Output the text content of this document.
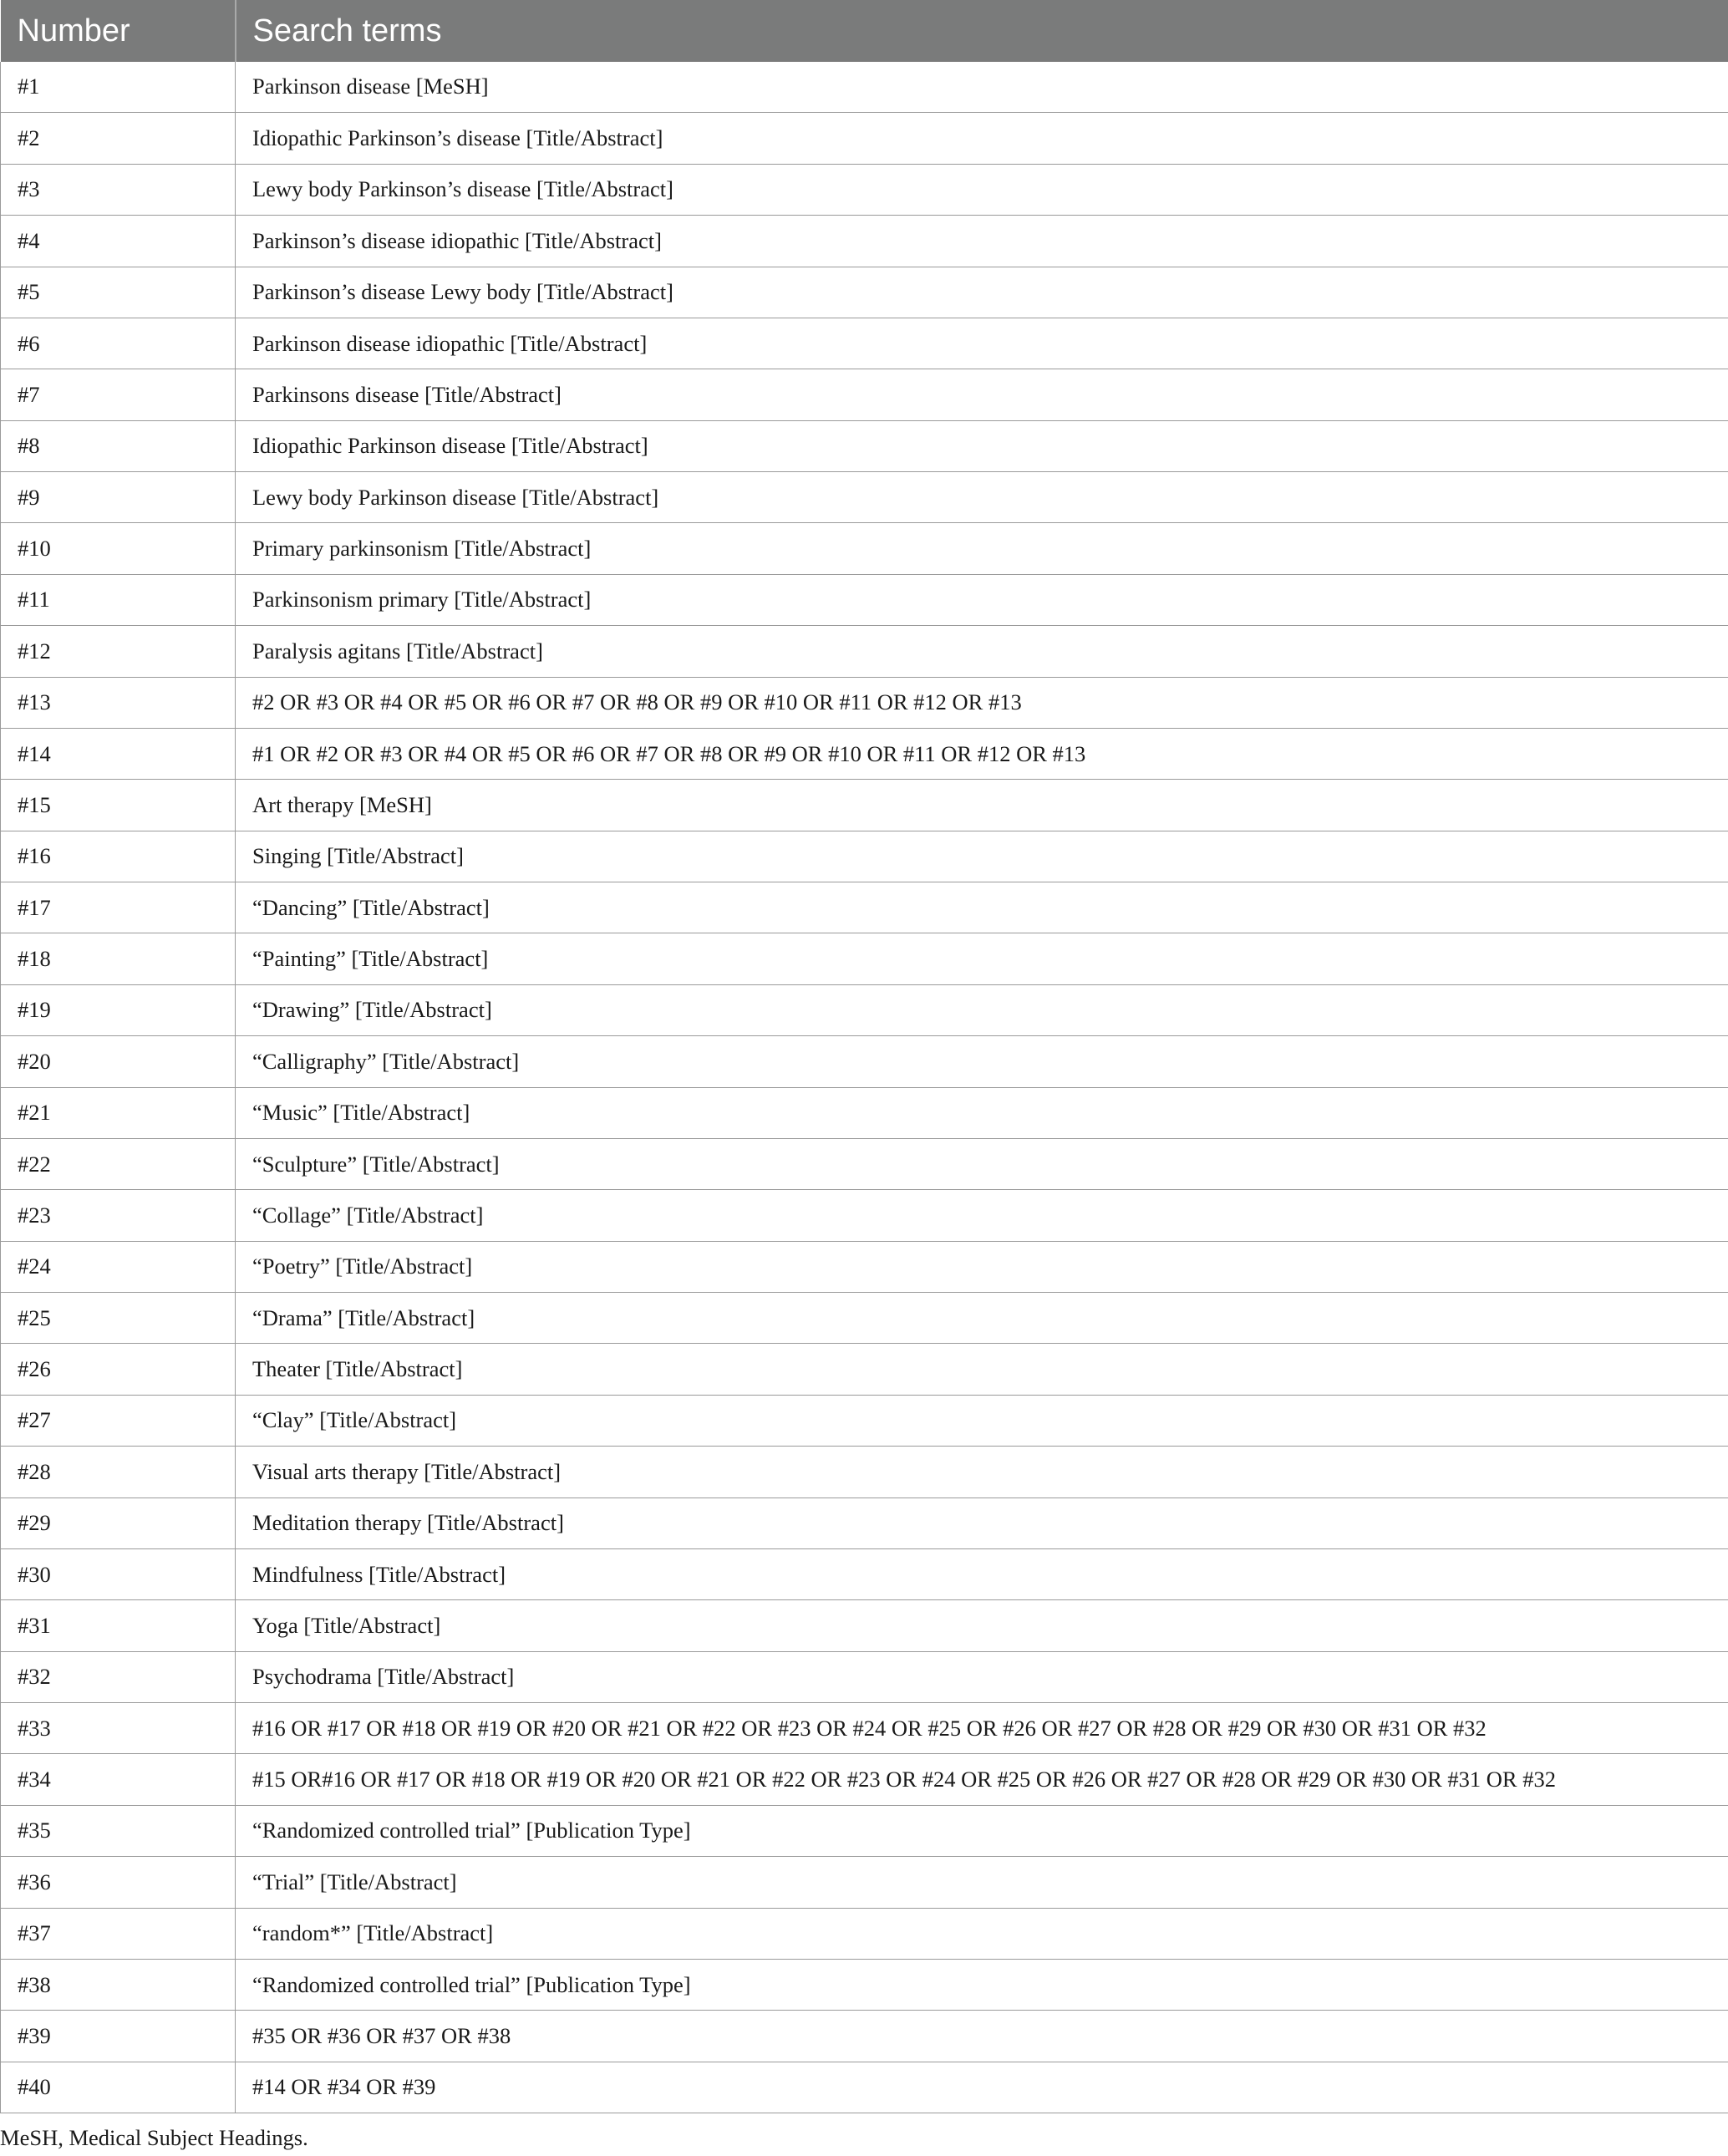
Number	Search terms
#1	Parkinson disease [MeSH]
#2	Idiopathic Parkinson’s disease [Title/Abstract]
#3	Lewy body Parkinson’s disease [Title/Abstract]
#4	Parkinson’s disease idiopathic [Title/Abstract]
#5	Parkinson’s disease Lewy body [Title/Abstract]
#6	Parkinson disease idiopathic [Title/Abstract]
#7	Parkinsons disease [Title/Abstract]
#8	Idiopathic Parkinson disease [Title/Abstract]
#9	Lewy body Parkinson disease [Title/Abstract]
#10	Primary parkinsonism [Title/Abstract]
#11	Parkinsonism primary [Title/Abstract]
#12	Paralysis agitans [Title/Abstract]
#13	#2 OR #3 OR #4 OR #5 OR #6 OR #7 OR #8 OR #9 OR #10 OR #11 OR #12 OR #13
#14	#1 OR #2 OR #3 OR #4 OR #5 OR #6 OR #7 OR #8 OR #9 OR #10 OR #11 OR #12 OR #13
#15	Art therapy [MeSH]
#16	Singing [Title/Abstract]
#17	“Dancing” [Title/Abstract]
#18	“Painting” [Title/Abstract]
#19	“Drawing” [Title/Abstract]
#20	“Calligraphy” [Title/Abstract]
#21	“Music” [Title/Abstract]
#22	“Sculpture” [Title/Abstract]
#23	“Collage” [Title/Abstract]
#24	“Poetry” [Title/Abstract]
#25	“Drama” [Title/Abstract]
#26	Theater [Title/Abstract]
#27	“Clay” [Title/Abstract]
#28	Visual arts therapy [Title/Abstract]
#29	Meditation therapy [Title/Abstract]
#30	Mindfulness [Title/Abstract]
#31	Yoga [Title/Abstract]
#32	Psychodrama [Title/Abstract]
#33	#16 OR #17 OR #18 OR #19 OR #20 OR #21 OR #22 OR #23 OR #24 OR #25 OR #26 OR #27 OR #28 OR #29 OR #30 OR #31 OR #32
#34	#15 OR#16 OR #17 OR #18 OR #19 OR #20 OR #21 OR #22 OR #23 OR #24 OR #25 OR #26 OR #27 OR #28 OR #29 OR #30 OR #31 OR #32
#35	“Randomized controlled trial” [Publication Type]
#36	“Trial” [Title/Abstract]
#37	“random*” [Title/Abstract]
#38	“Randomized controlled trial” [Publication Type]
#39	#35 OR #36 OR #37 OR #38
#40	#14 OR #34 OR #39
MeSH, Medical Subject Headings.
